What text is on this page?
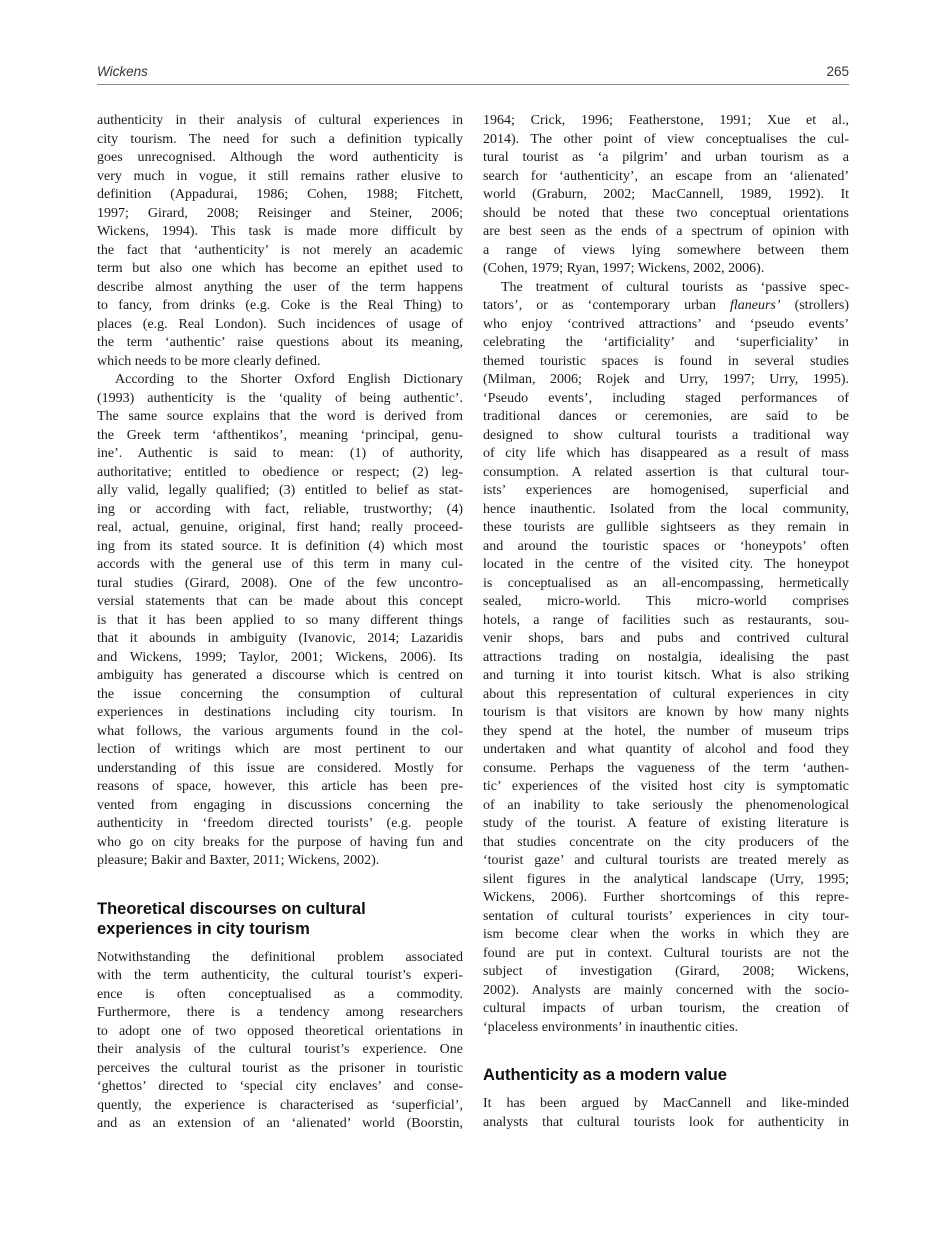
Wickens	265
authenticity in their analysis of cultural experiences in
city tourism. The need for such a definition typically
goes unrecognised. Although the word authenticity is
very much in vogue, it still remains rather elusive to
definition (Appadurai, 1986; Cohen, 1988; Fitchett,
1997; Girard, 2008; Reisinger and Steiner, 2006;
Wickens, 1994). This task is made more difficult by
the fact that ‘authenticity’ is not merely an academic
term but also one which has become an epithet used to
describe almost anything the user of the term happens
to fancy, from drinks (e.g. Coke is the Real Thing) to
places (e.g. Real London). Such incidences of usage of
the term ‘authentic’ raise questions about its meaning,
which needs to be more clearly defined.
According to the Shorter Oxford English Dictionary
(1993) authenticity is the ‘quality of being authentic’.
The same source explains that the word is derived from
the Greek term ‘afthentikos’, meaning ‘principal, genu-
ine’. Authentic is said to mean: (1) of authority,
authoritative; entitled to obedience or respect; (2) leg-
ally valid, legally qualified; (3) entitled to belief as stat-
ing or according with fact, reliable, trustworthy; (4)
real, actual, genuine, original, first hand; really proceed-
ing from its stated source. It is definition (4) which most
accords with the general use of this term in many cul-
tural studies (Girard, 2008). One of the few uncontro-
versial statements that can be made about this concept
is that it has been applied to so many different things
that it abounds in ambiguity (Ivanovic, 2014; Lazaridis
and Wickens, 1999; Taylor, 2001; Wickens, 2006). Its
ambiguity has generated a discourse which is centred on
the issue concerning the consumption of cultural
experiences in destinations including city tourism. In
what follows, the various arguments found in the col-
lection of writings which are most pertinent to our
understanding of this issue are considered. Mostly for
reasons of space, however, this article has been pre-
vented from engaging in discussions concerning the
authenticity in ‘freedom directed tourists’ (e.g. people
who go on city breaks for the purpose of having fun and
pleasure; Bakir and Baxter, 2011; Wickens, 2002).
Theoretical discourses on cultural
experiences in city tourism
Notwithstanding the definitional problem associated
with the term authenticity, the cultural tourist’s experi-
ence is often conceptualised as a commodity.
Furthermore, there is a tendency among researchers
to adopt one of two opposed theoretical orientations in
their analysis of the cultural tourist’s experience. One
perceives the cultural tourist as the prisoner in touristic
‘ghettos’ directed to ‘special city enclaves’ and conse-
quently, the experience is characterised as ‘superficial’,
and as an extension of an ‘alienated’ world (Boorstin,
1964; Crick, 1996; Featherstone, 1991; Xue et al.,
2014). The other point of view conceptualises the cul-
tural tourist as ‘a pilgrim’ and urban tourism as a
search for ‘authenticity’, an escape from an ‘alienated’
world (Graburn, 2002; MacCannell, 1989, 1992). It
should be noted that these two conceptual orientations
are best seen as the ends of a spectrum of opinion with
a range of views lying somewhere between them
(Cohen, 1979; Ryan, 1997; Wickens, 2002, 2006).
The treatment of cultural tourists as ‘passive spec-
tators’, or as ‘contemporary urban flaneurs’ (strollers)
who enjoy ‘contrived attractions’ and ‘pseudo events’
celebrating the ‘artificiality’ and ‘superficiality’ in
themed touristic spaces is found in several studies
(Milman, 2006; Rojek and Urry, 1997; Urry, 1995).
‘Pseudo events’, including staged performances of
traditional dances or ceremonies, are said to be
designed to show cultural tourists a traditional way
of city life which has disappeared as a result of mass
consumption. A related assertion is that cultural tour-
ists’ experiences are homogenised, superficial and
hence inauthentic. Isolated from the local community,
these tourists are gullible sightseers as they remain in
and around the touristic spaces or ‘honeypots’ often
located in the centre of the visited city. The honeypot
is conceptualised as an all-encompassing, hermetically
sealed, micro-world. This micro-world comprises
hotels, a range of facilities such as restaurants, sou-
venir shops, bars and pubs and contrived cultural
attractions trading on nostalgia, idealising the past
and turning it into tourist kitsch. What is also striking
about this representation of cultural experiences in city
tourism is that visitors are known by how many nights
they spend at the hotel, the number of museum trips
undertaken and what quantity of alcohol and food they
consume. Perhaps the vagueness of the term ‘authen-
tic’ experiences of the visited host city is symptomatic
of an inability to take seriously the phenomenological
study of the tourist. A feature of existing literature is
that studies concentrate on the city producers of the
‘tourist gaze’ and cultural tourists are treated merely as
silent figures in the analytical landscape (Urry, 1995;
Wickens, 2006). Further shortcomings of this repre-
sentation of cultural tourists’ experiences in city tour-
ism become clear when the works in which they are
found are put in context. Cultural tourists are not the
subject of investigation (Girard, 2008; Wickens,
2002). Analysts are mainly concerned with the socio-
cultural impacts of urban tourism, the creation of
‘placeless environments’ in inauthentic cities.
Authenticity as a modern value
It has been argued by MacCannell and like-minded
analysts that cultural tourists look for authenticity in
